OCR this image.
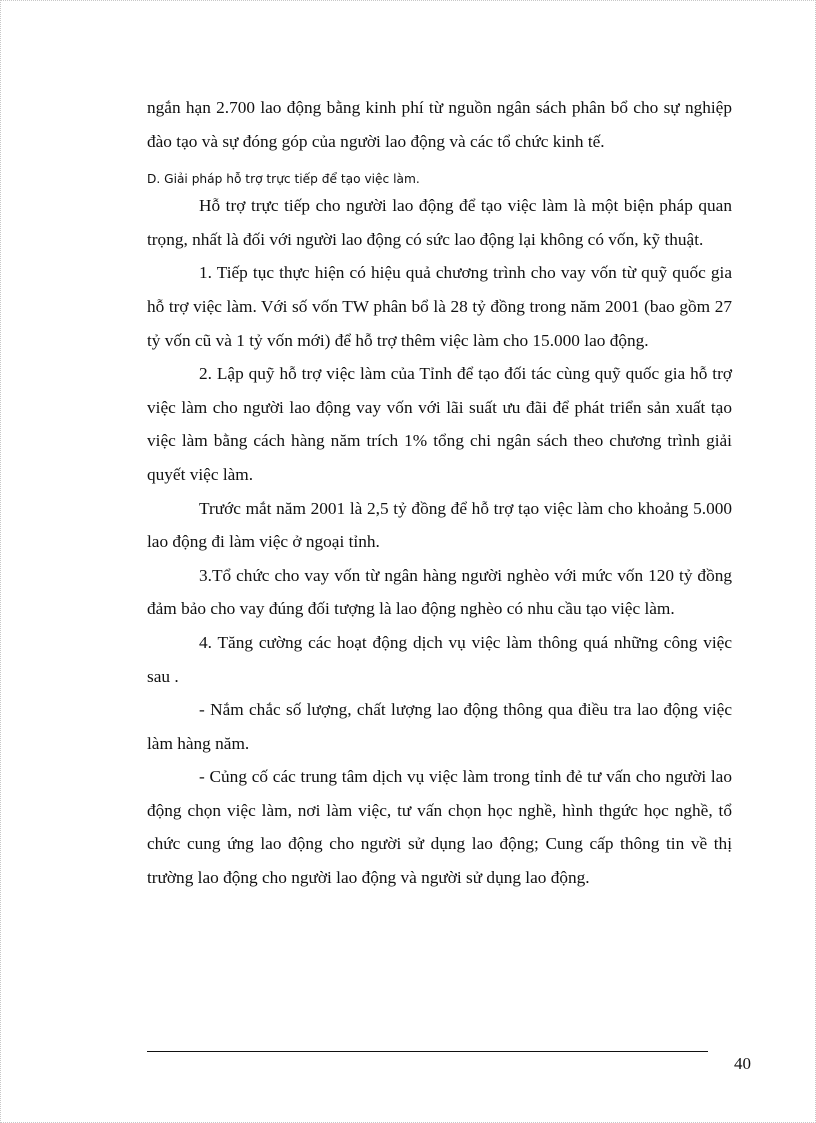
ngắn hạn 2.700 lao động bằng kinh phí từ nguồn ngân sách phân bổ cho sự nghiệp đào tạo và sự đóng góp của người lao động và các tổ chức kinh tế.

D. Giải pháp hỗ trợ trực tiếp để tạo việc làm.

Hỗ trợ trực tiếp cho người lao động để tạo việc làm là một biện pháp quan trọng, nhất là đối với người lao động có sức lao động lại không có vốn, kỹ thuật.

1. Tiếp tục thực hiện có hiệu quả chương trình cho vay vốn từ quỹ quốc gia hỗ trợ việc làm. Với số vốn TW phân bổ là 28 tỷ đồng trong năm 2001 (bao gồm 27 tỷ vốn cũ và 1 tỷ vốn mới) để hỗ trợ thêm việc làm cho 15.000 lao động.

2. Lập quỹ hỗ trợ việc làm của Tỉnh để tạo đối tác cùng quỹ quốc gia hỗ trợ việc làm cho người lao động vay vốn với lãi suất ưu đãi để phát triển sản xuất tạo việc làm bằng cách hàng năm trích 1% tổng chi ngân sách theo chương trình giải quyết việc làm.

Trước mắt năm 2001 là 2,5 tỷ đồng để hỗ trợ tạo việc làm cho khoảng 5.000 lao động đi làm việc ở ngoại tỉnh.

3.Tổ chức cho vay vốn từ ngân hàng người nghèo với mức vốn 120 tỷ đồng đảm bảo cho vay đúng đối tượng là lao động nghèo có nhu cầu tạo việc làm.

4. Tăng cường các hoạt động dịch vụ việc làm thông quá những công việc sau .

- Nắm chắc số lượng, chất lượng lao động thông qua điều tra lao động việc làm hàng năm.

- Củng cố các trung tâm dịch vụ việc làm trong tỉnh đẻ tư vấn cho người lao động chọn việc làm, nơi làm việc, tư vấn chọn học nghề, hình thgức học nghề, tổ chức cung ứng lao động cho người sử dụng lao động; Cung cấp thông tin về thị trường lao động cho người lao động và người sử dụng lao động.

40
